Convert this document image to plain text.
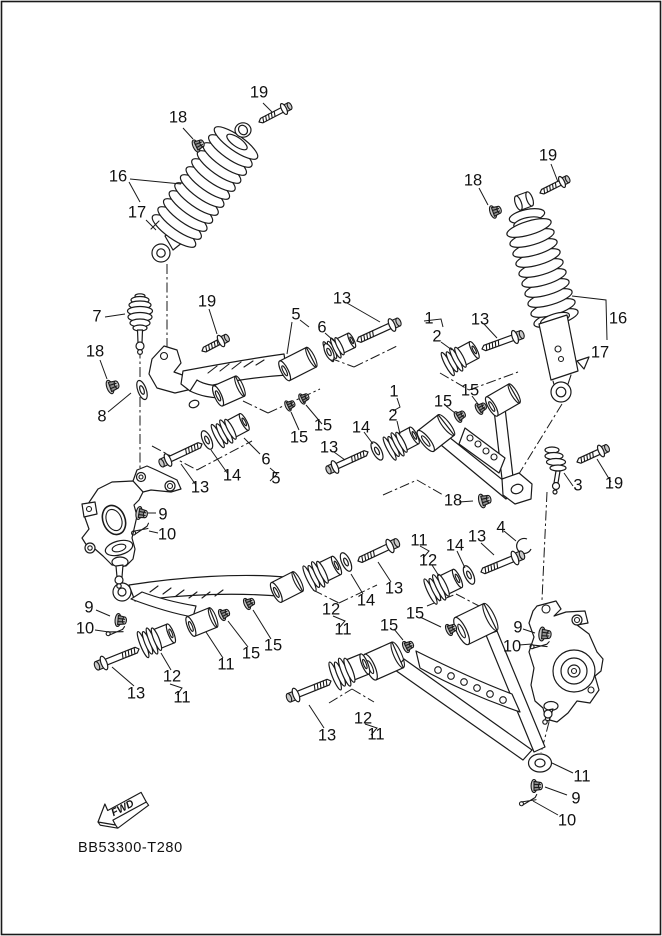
19
18
16
17
19
18
16
17
7
19
5
6
13
18
8
1
2
13
15
15
6
5
14
13
1
2
15
15
14
13
18
3 19
4
9
10	13
14
11
12
9
10
9
10
13
12
11
11
15 15
12
11
13
14
15
15
12
11
13
11
9
10
FWD
BB53300-T280
